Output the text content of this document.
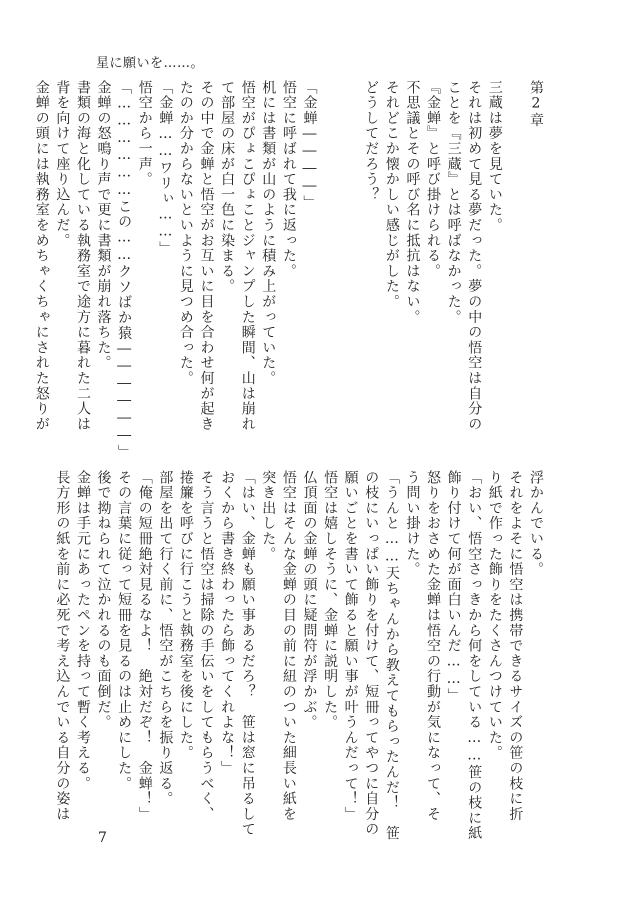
星に願いを……。
第2章

三蔵は夢を見ていた。
それは初めて見る夢だった。夢の中の悟空は自分の
ことを『三蔵』とは呼ばなかった。
『金蝉』と呼び掛けられる。
不思議とその呼び名に抵抗はない。
それどこか懐かしい感じがした。
どうしてだろう？

「金蝉――――」
悟空に呼ばれて我に返った。
机には書類が山のように積み上がっていた。
悟空がぴょこぴょことジャンプした瞬間、山は崩れ
て部屋の床が白一色に染まる。
その中で金蝉と悟空がお互いに目を合わせ何が起き
たのか分からないといように見つめ合った。
「金蝉……ワリぃ……」
悟空から一声。
「………………この……クソばか猿――――――」
金蝉の怒鳴り声で更に書類が崩れ落ちた。
書類の海と化している執務室で途方に暮れた二人は
背を向けて座り込んだ。
金蝉の頭には執務室をめちゃくちゃにされた怒りが
浮かんでいる。
それをよそに悟空は携帯できるサイズの笹の枝に折
り紙で作った飾りをたくさんつけていた。
「おい、悟空さっきから何をしている……笹の枝に紙
飾り付けて何が面白いんだ……」
怒りをおさめた金蝉は悟空の行動が気になって、そ
う問い掛けた。
「うんと……天ちゃんから教えてもらったんだ！　笹
の枝にいっぱい飾りを付けて、短冊ってやつに自分の
願いごとを書いて飾ると願い事が叶うんだって！」
悟空は嬉しそうに、金蝉に説明した。
仏頂面の金蝉の頭に疑問符が浮かぶ。
悟空はそんな金蝉の目の前に紐のついた細長い紙を
突き出した。
「はい、金蝉も願い事あるだろ？　笹は窓に吊るして
おくから書き終わったら飾ってくれよな！」
そう言うと悟空は掃除の手伝いをしてもらうべく、
捲簾を呼びに行こうと執務室を後にした。
部屋を出て行く前に、悟空がこちらを振り返る。
「俺の短冊絶対見るなよ！　絶対だぞ！　金蝉！」
その言葉に従って短冊を見るのは止めにした。
後で拗ねられて泣かれるのも面倒だ。
金蝉は手元にあったペンを持って暫く考える。
長方形の紙を前に必死で考え込んでいる自分の姿は
7
